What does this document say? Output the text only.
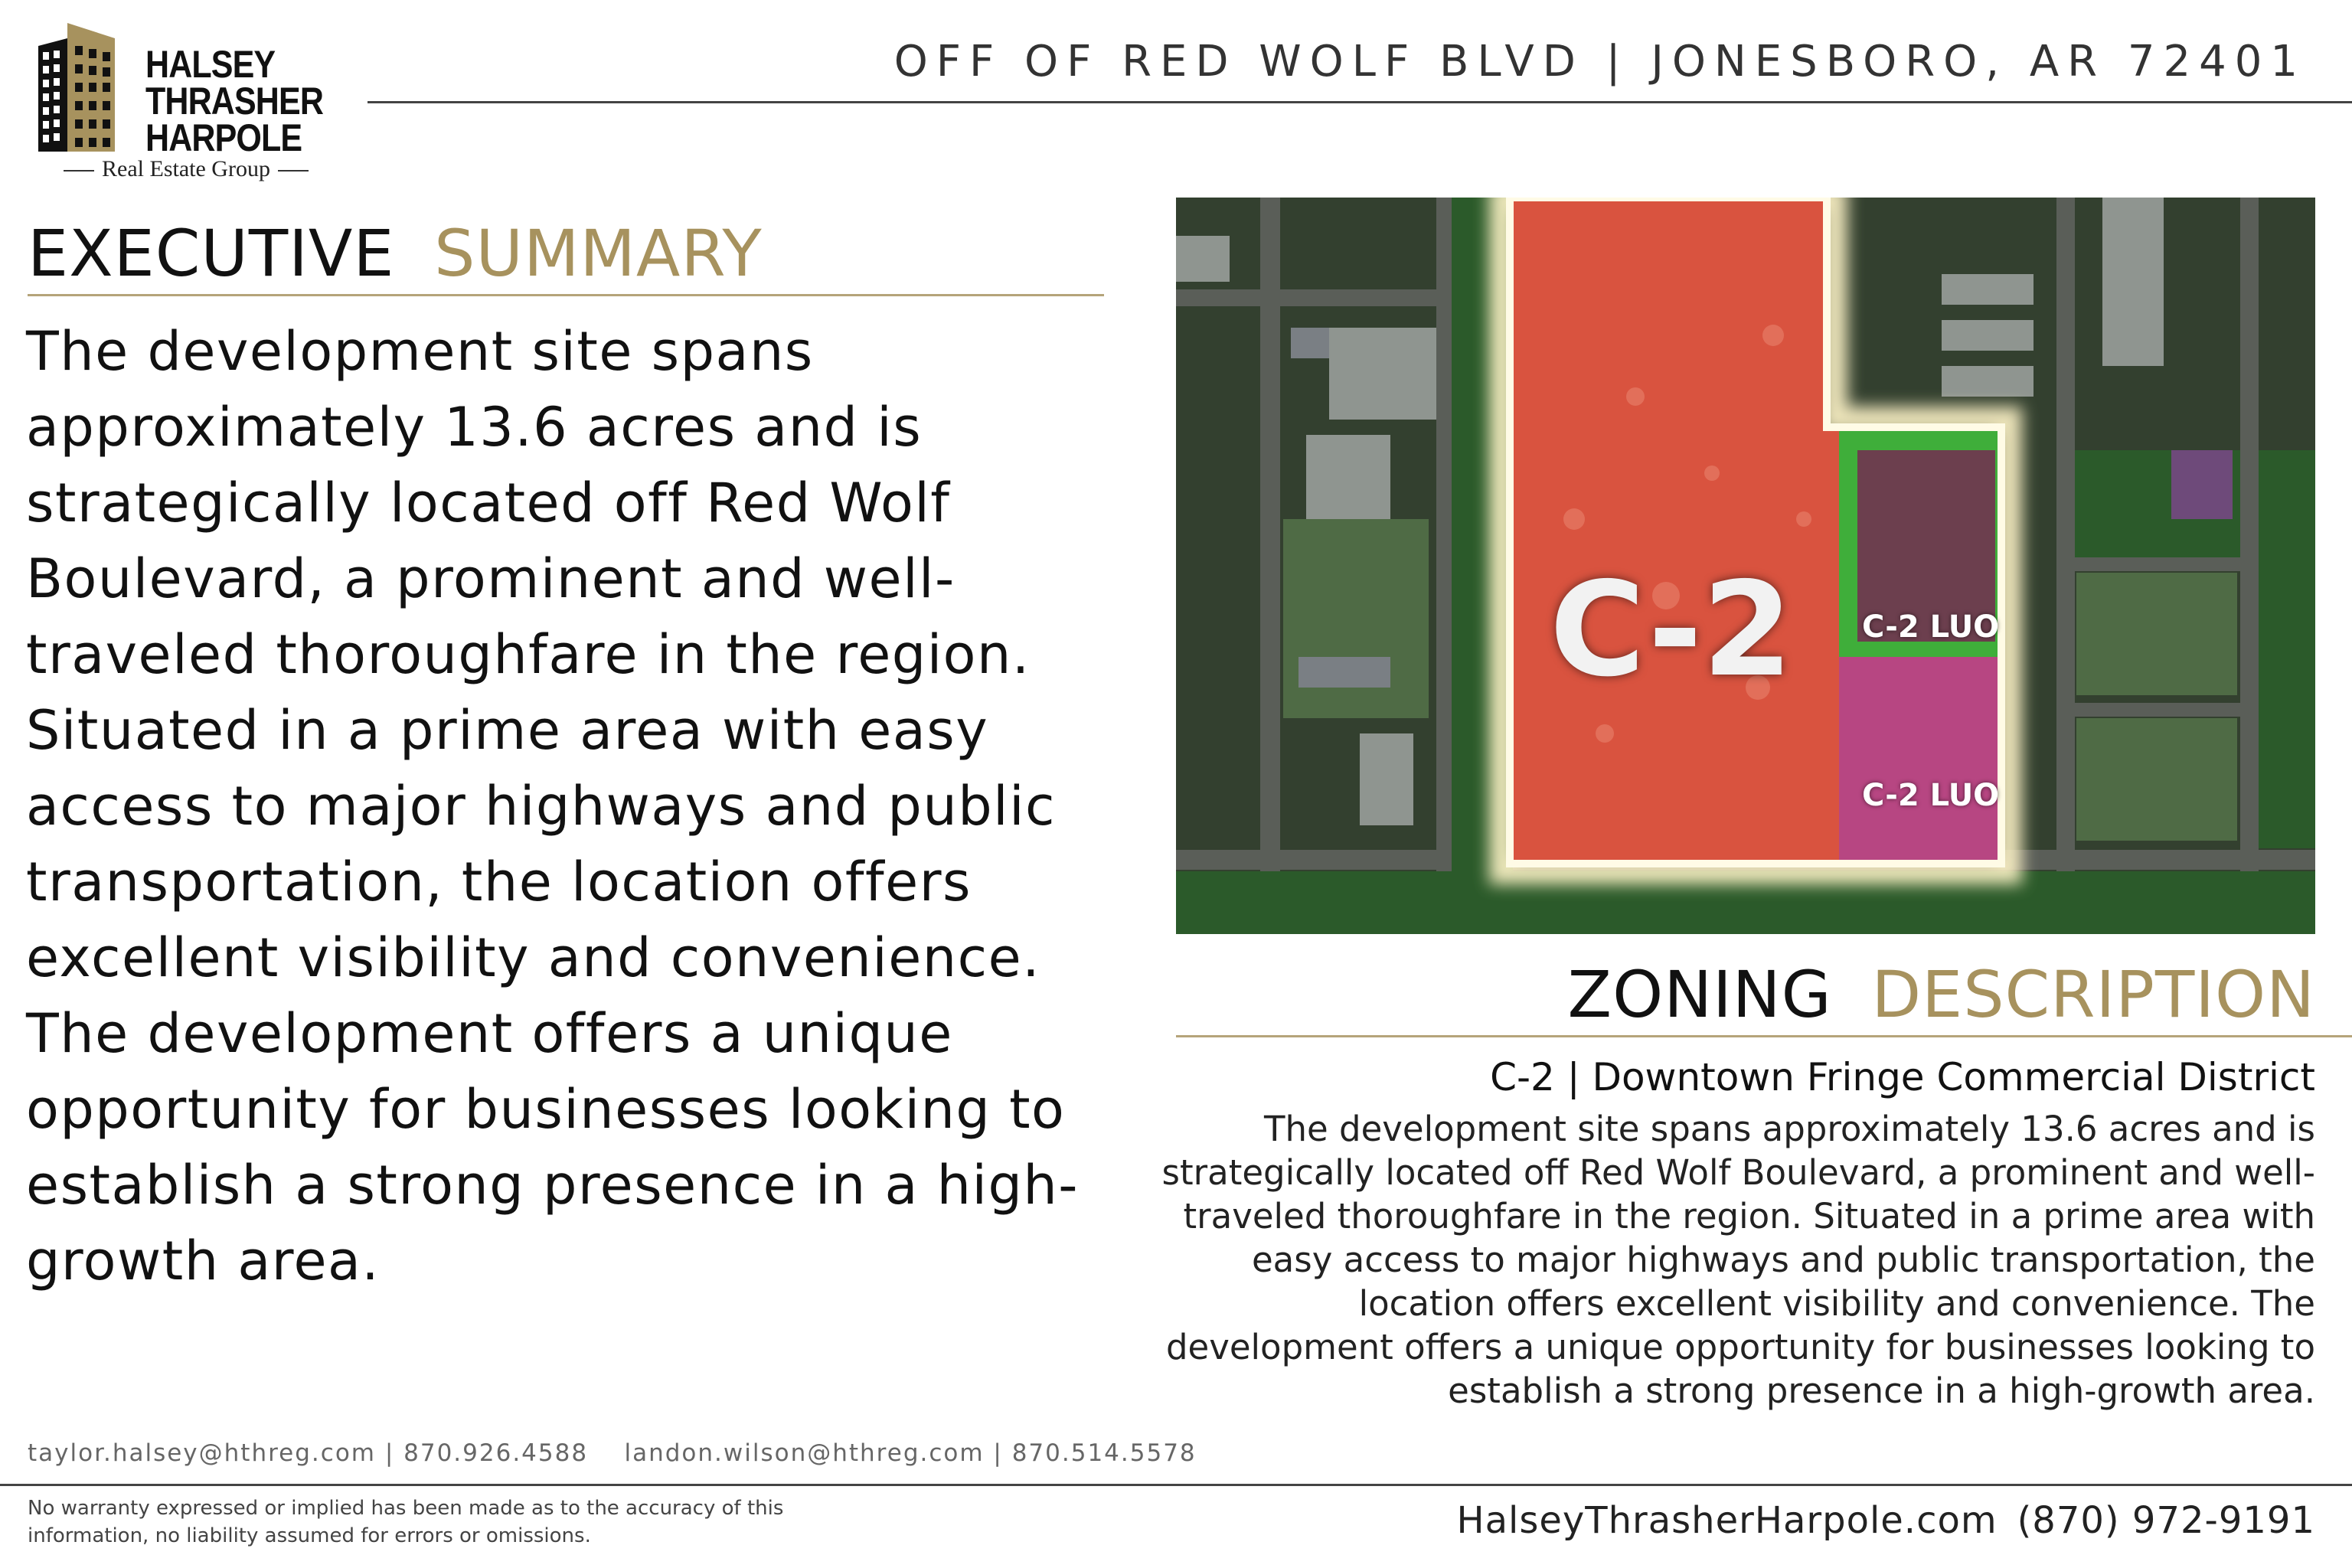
HALSEY
THRASHER
HARPOLE
Real Estate Group
OFF OF RED WOLF BLVD | JONESBORO, AR 72401
EXECUTIVE SUMMARY
The development site spans approximately 13.6 acres and is strategically located off Red Wolf Boulevard, a prominent and well-traveled thoroughfare in the region. Situated in a prime area with easy access to major highways and public transportation, the location offers excellent visibility and convenience. The development offers a unique opportunity for businesses looking to establish a strong presence in a high-growth area.
C-2 C-2 LUO
C-2 LUO
ZONING DESCRIPTION
C-2 | Downtown Fringe Commercial District
The development site spans approximately 13.6 acres and is strategically located off Red Wolf Boulevard, a prominent and well-traveled thoroughfare in the region. Situated in a prime area with easy access to major highways and public transportation, the location offers excellent visibility and convenience. The development offers a unique opportunity for businesses looking to establish a strong presence in a high-growth area.
taylor.halsey@hthreg.com | 870.926.4588    landon.wilson@hthreg.com | 870.514.5578
No warranty expressed or implied has been made as to the accuracy of this information, no liability assumed for errors or omissions.	HalseyThrasherHarpole.com (870) 972-9191
